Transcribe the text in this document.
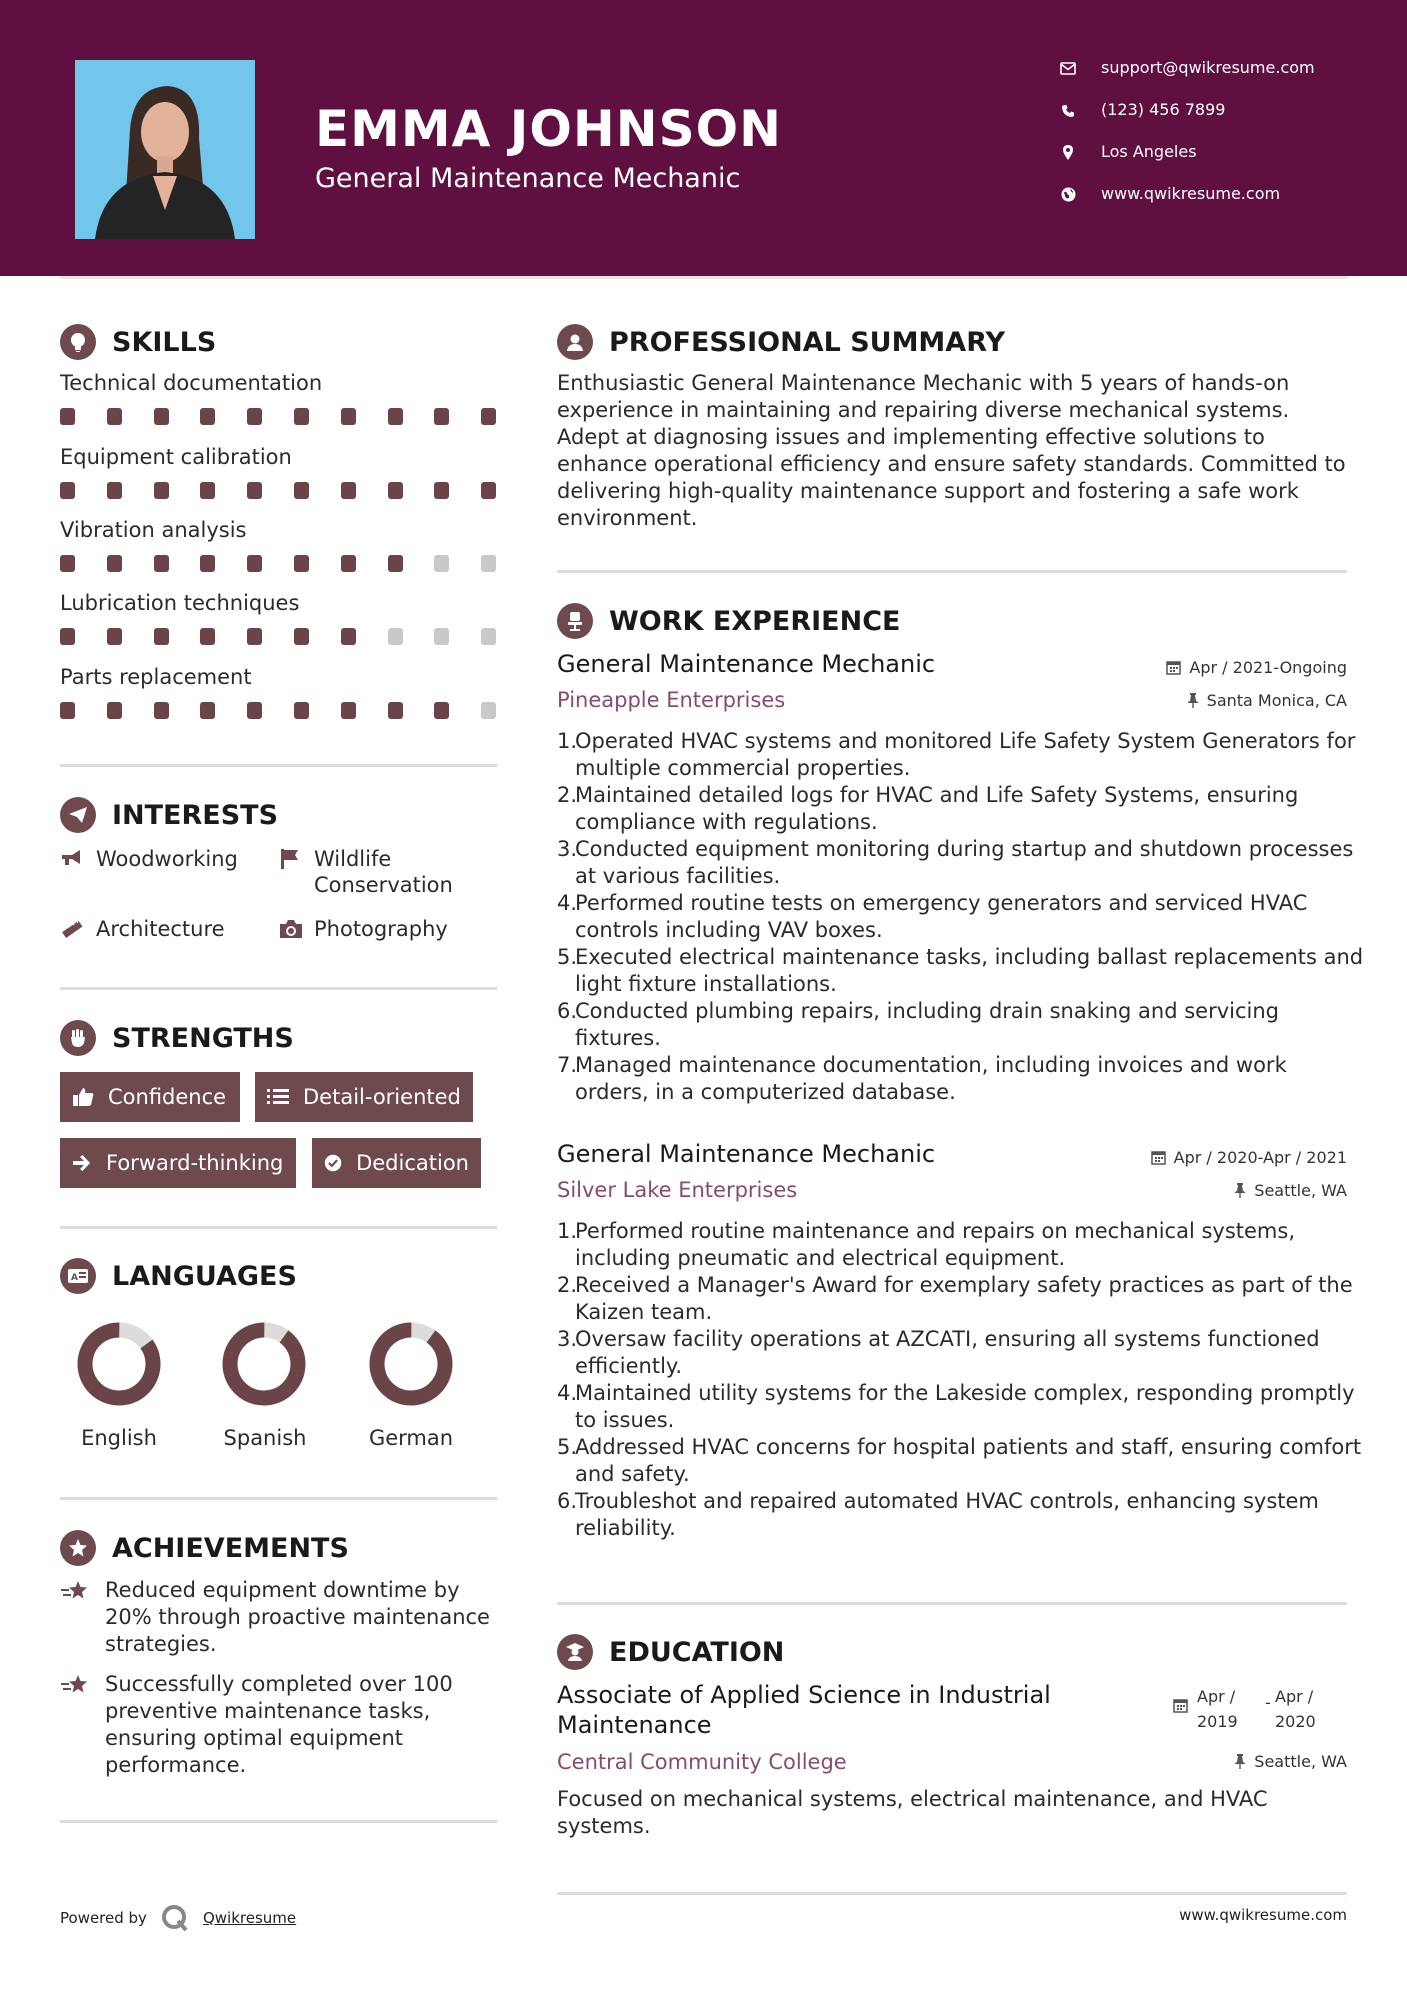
EMMA JOHNSON
General Maintenance Mechanic
support@qwikresume.com
(123) 456 7899
Los Angeles
www.qwikresume.com
SKILLS
Technical documentation
Equipment calibration
Vibration analysis
Lubrication techniques
Parts replacement
INTERESTS
Woodworking	Wildlife Conservation
Architecture	Photography
STRENGTHS
Confidence	Detail-oriented
Forward-thinking	Dedication
A LANGUAGES
English	Spanish	German
ACHIEVEMENTS
Reduced equipment downtime by 20% through proactive maintenance strategies.
Successfully completed over 100 preventive maintenance tasks, ensuring optimal equipment performance.
PROFESSIONAL SUMMARY
Enthusiastic General Maintenance Mechanic with 5 years of hands-on experience in maintaining and repairing diverse mechanical systems. Adept at diagnosing issues and implementing effective solutions to enhance operational efficiency and ensure safety standards. Committed to delivering high-quality maintenance support and fostering a safe work environment.
WORK EXPERIENCE
General Maintenance Mechanic	Apr / 2021-Ongoing
Pineapple Enterprises	Santa Monica, CA
1.
Operated HVAC systems and monitored Life Safety System Generators for multiple commercial properties.
2.
Maintained detailed logs for HVAC and Life Safety Systems, ensuring compliance with regulations.
3.
Conducted equipment monitoring during startup and shutdown processes at various facilities.
4.
Performed routine tests on emergency generators and serviced HVAC controls including VAV boxes.
5.
Executed electrical maintenance tasks, including ballast replacements and light fixture installations.
6.
Conducted plumbing repairs, including drain snaking and servicing fixtures.
7.
Managed maintenance documentation, including invoices and work orders, in a computerized database.
General Maintenance Mechanic	Apr / 2020-Apr / 2021
Silver Lake Enterprises	Seattle, WA
1.
Performed routine maintenance and repairs on mechanical systems, including pneumatic and electrical equipment.
2.
Received a Manager's Award for exemplary safety practices as part of the Kaizen team.
3.
Oversaw facility operations at AZCATI, ensuring all systems functioned efficiently.
4.
Maintained utility systems for the Lakeside complex, responding promptly to issues.
5.
Addressed HVAC concerns for hospital patients and staff, ensuring comfort and safety.
6.
Troubleshot and repaired automated HVAC controls, enhancing system reliability.
EDUCATION
Associate of Applied Science in Industrial Maintenance
Apr / 2019
- Apr / 2020
Central Community College	Seattle, WA
Focused on mechanical systems, electrical maintenance, and HVAC systems.
Powered by	Qwikresume	www.qwikresume.com
